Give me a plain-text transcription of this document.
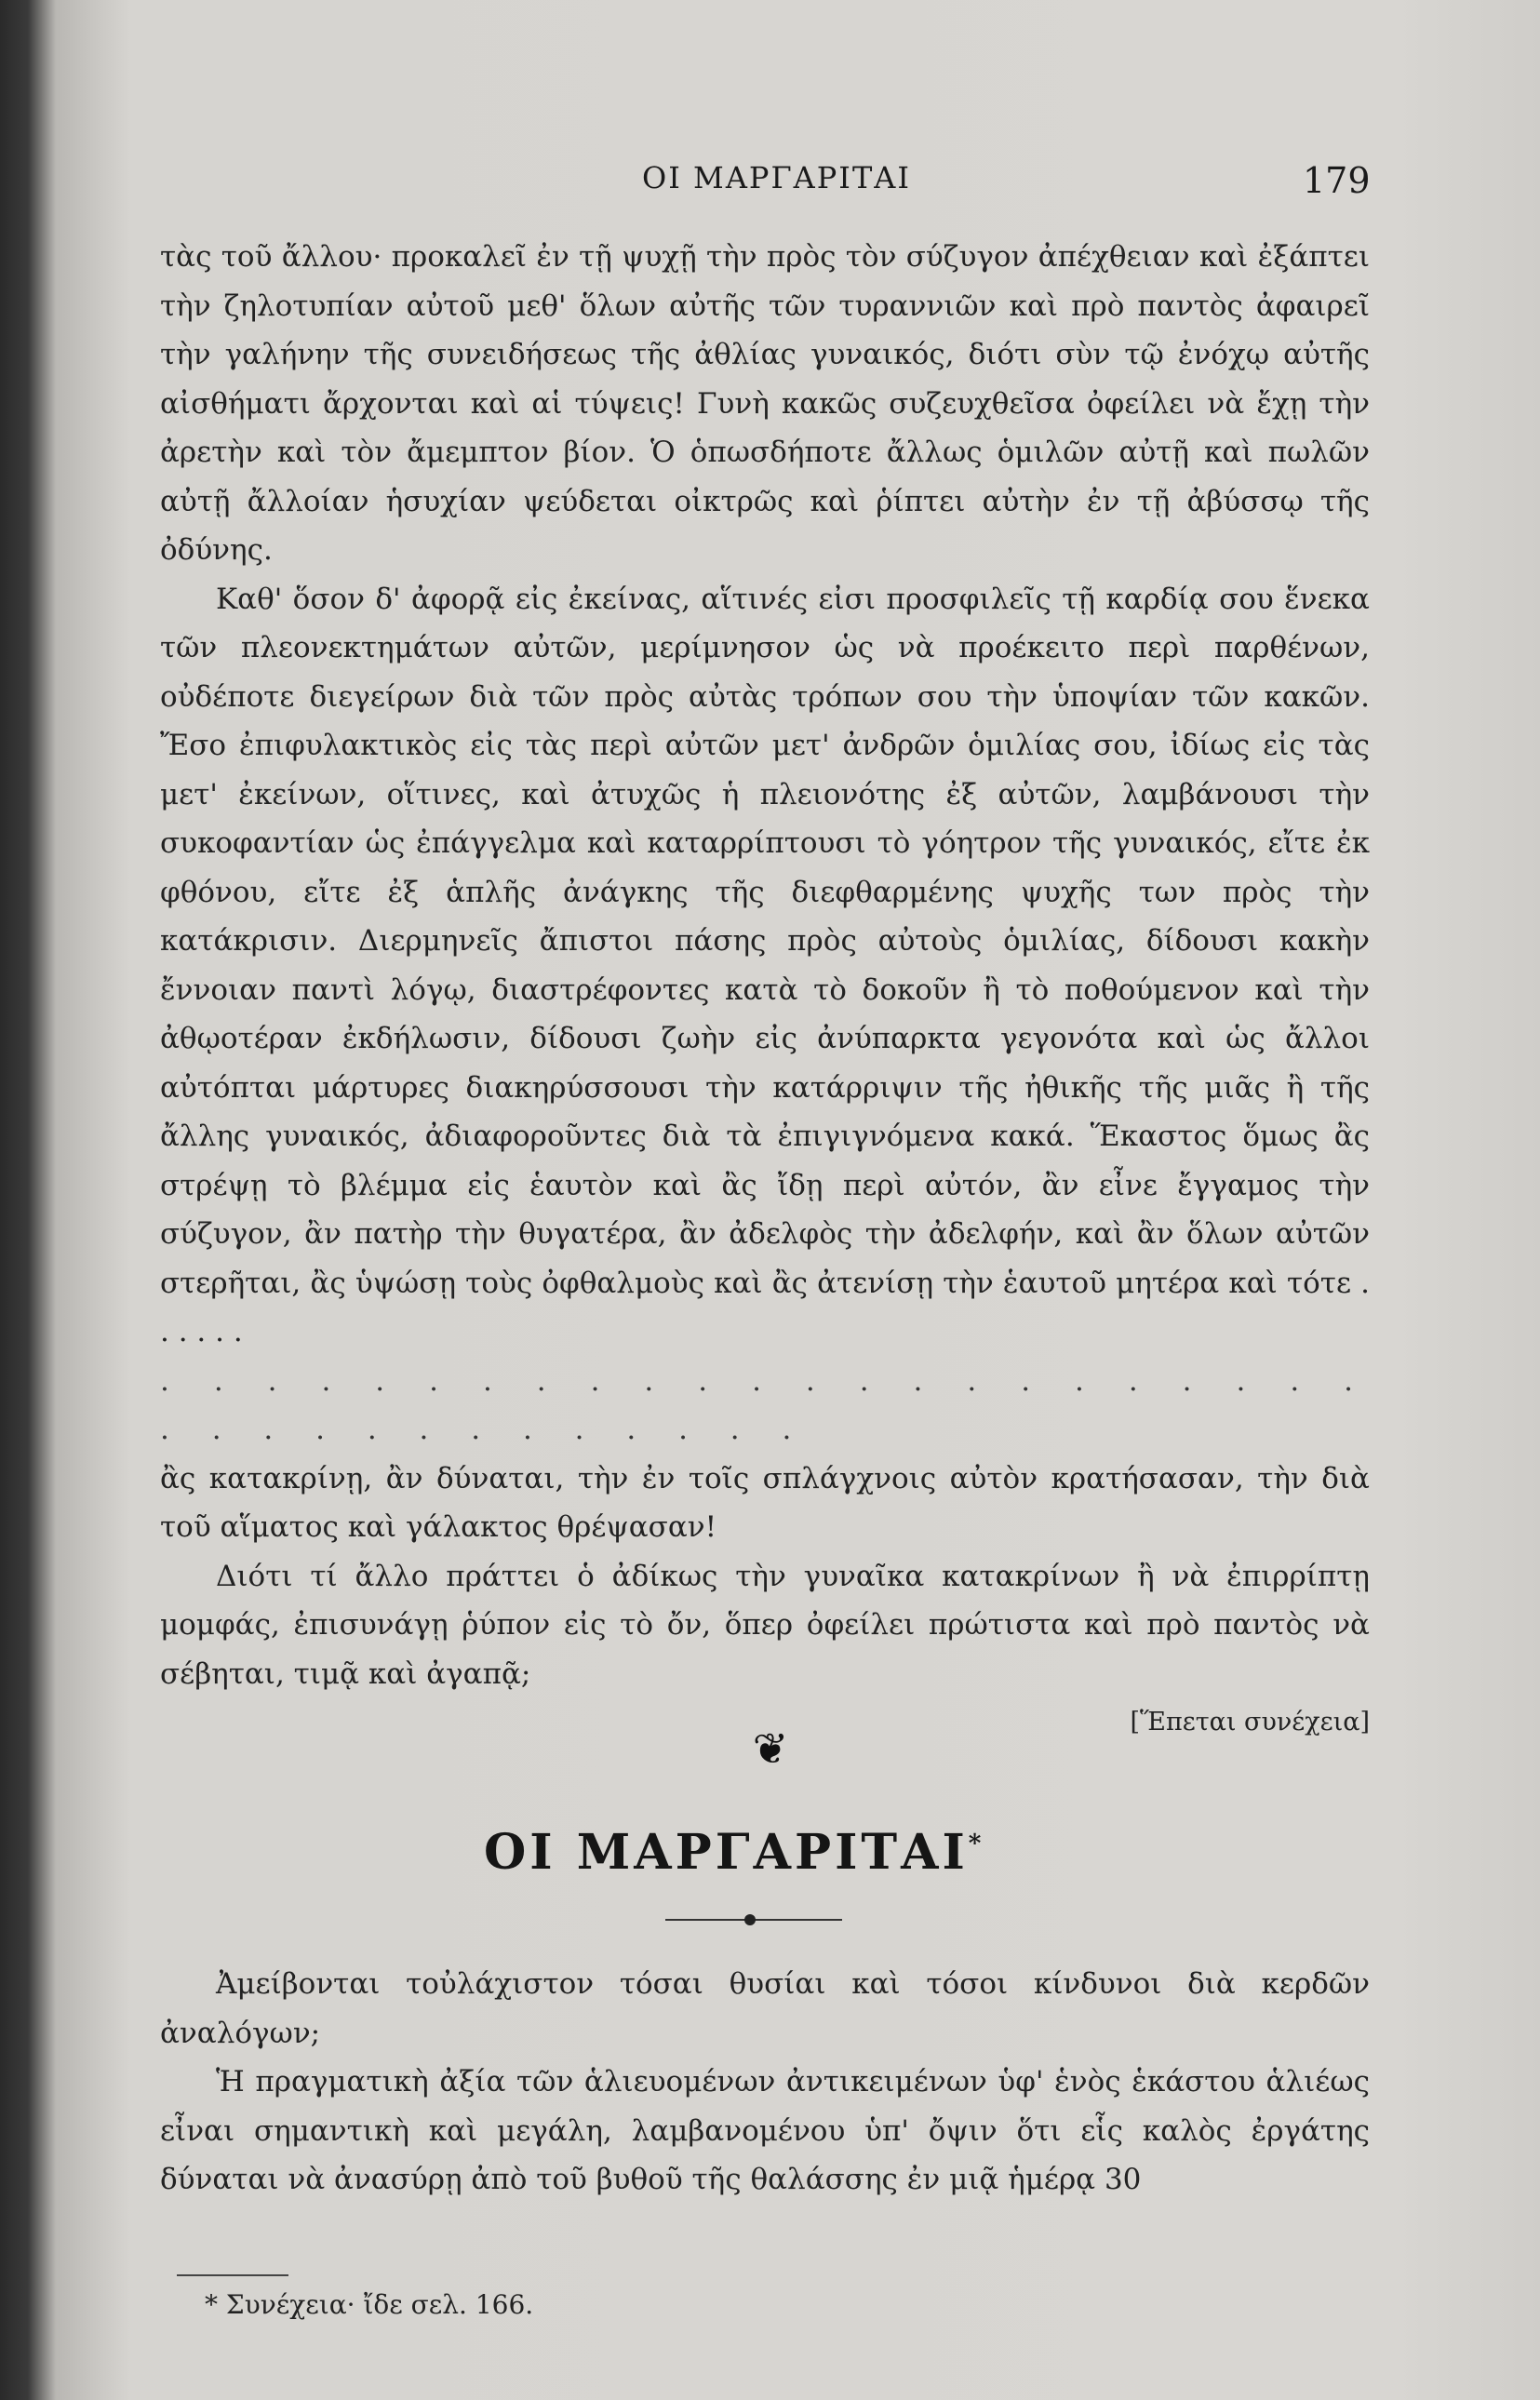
ΟΙ ΜΑΡΓΑΡΙΤΑΙ	179

τὰς τοῦ ἄλλου· προκαλεῖ ἐν τῇ ψυχῇ τὴν πρὸς τὸν σύζυγον ἀπέχθειαν καὶ ἐξάπτει τὴν ζηλοτυπίαν αὐτοῦ μεθ' ὅλων αὐτῆς τῶν τυραννιῶν καὶ πρὸ παντὸς ἀφαιρεῖ τὴν γαλήνην τῆς συνειδήσεως τῆς ἀθλίας γυναικός, διότι σὺν τῷ ἐνόχῳ αὐτῆς αἰσθήματι ἄρχονται καὶ αἱ τύψεις! Γυνὴ κακῶς συζευχθεῖσα ὀφείλει νὰ ἔχῃ τὴν ἀρετὴν καὶ τὸν ἄμεμπτον βίον. Ὁ ὁπωσδήποτε ἄλλως ὁμιλῶν αὐτῇ καὶ πωλῶν αὐτῇ ἄλλοίαν ἡσυχίαν ψεύδεται οἰκτρῶς καὶ ῥίπτει αὐτὴν ἐν τῇ ἀβύσσῳ τῆς ὀδύνης.

Καθ' ὅσον δ' ἀφορᾷ εἰς ἐκείνας, αἵτινές εἰσι προσφιλεῖς τῇ καρδίᾳ σου ἕνεκα τῶν πλεονεκτημάτων αὐτῶν, μερίμνησον ὡς νὰ προέκειτο περὶ παρθένων, οὐδέποτε διεγείρων διὰ τῶν πρὸς αὐτὰς τρόπων σου τὴν ὑποψίαν τῶν κακῶν. Ἔσο ἐπιφυλακτικὸς εἰς τὰς περὶ αὐτῶν μετ' ἀνδρῶν ὁμιλίας σου, ἰδίως εἰς τὰς μετ' ἐκείνων, οἵτινες, καὶ ἀτυχῶς ἡ πλειονότης ἐξ αὐτῶν, λαμβάνουσι τὴν συκοφαντίαν ὡς ἐπάγγελμα καὶ καταρρίπτουσι τὸ γόητρον τῆς γυναικός, εἴτε ἐκ φθόνου, εἴτε ἐξ ἁπλῆς ἀνάγκης τῆς διεφθαρμένης ψυχῆς των πρὸς τὴν κατάκρισιν. Διερμηνεῖς ἄπιστοι πάσης πρὸς αὐτοὺς ὁμιλίας, δίδουσι κακὴν ἔννοιαν παντὶ λόγῳ, διαστρέφοντες κατὰ τὸ δοκοῦν ἢ τὸ ποθούμενον καὶ τὴν ἀθῳοτέραν ἐκδήλωσιν, δίδουσι ζωὴν εἰς ἀνύπαρκτα γεγονότα καὶ ὡς ἄλλοι αὐτόπται μάρτυρες διακηρύσσουσι τὴν κατάρριψιν τῆς ἠθικῆς τῆς μιᾶς ἢ τῆς ἄλλης γυναικός, ἀδιαφοροῦντες διὰ τὰ ἐπιγιγνόμενα κακά. Ἕκαστος ὅμως ἂς στρέψῃ τὸ βλέμμα εἰς ἑαυτὸν καὶ ἂς ἴδῃ περὶ αὐτόν, ἂν εἶνε ἔγγαμος τὴν σύζυγον, ἂν πατὴρ τὴν θυγατέρα, ἂν ἀδελφὸς τὴν ἀδελφήν, καὶ ἂν ὅλων αὐτῶν στερῆται, ἂς ὑψώσῃ τοὺς ὀφθαλμοὺς καὶ ἂς ἀτενίσῃ τὴν ἑαυτοῦ μητέρα καὶ τότε . . . . . .

. . . . . . . . . . . . . . . . . . . . . . . . . . . . . . . . . . . .

ἂς κατακρίνῃ, ἂν δύναται, τὴν ἐν τοῖς σπλάγχνοις αὐτὸν κρατήσασαν, τὴν διὰ τοῦ αἵματος καὶ γάλακτος θρέψασαν!

Διότι τί ἄλλο πράττει ὁ ἀδίκως τὴν γυναῖκα κατακρίνων ἢ νὰ ἐπιρρίπτῃ μομφάς, ἐπισυνάγῃ ῥύπον εἰς τὸ ὄν, ὅπερ ὀφείλει πρώτιστα καὶ πρὸ παντὸς νὰ σέβηται, τιμᾷ καὶ ἀγαπᾷ;

[Ἕπεται συνέχεια]

❦
ΟΙ ΜΑΡΓΑΡΙΤΑΙ*

Ἀμείβονται τοὐλάχιστον τόσαι θυσίαι καὶ τόσοι κίνδυνοι διὰ κερδῶν ἀναλόγων;

Ἡ πραγματικὴ ἀξία τῶν ἁλιευομένων ἀντικειμένων ὑφ' ἑνὸς ἑκάστου ἁλιέως εἶναι σημαντικὴ καὶ μεγάλη, λαμβανομένου ὑπ' ὄψιν ὅτι εἷς καλὸς ἐργάτης δύναται νὰ ἀνασύρῃ ἀπὸ τοῦ βυθοῦ τῆς θαλάσσης ἐν μιᾷ ἡμέρᾳ 30

* Συνέχεια· ἴδε σελ. 166.
